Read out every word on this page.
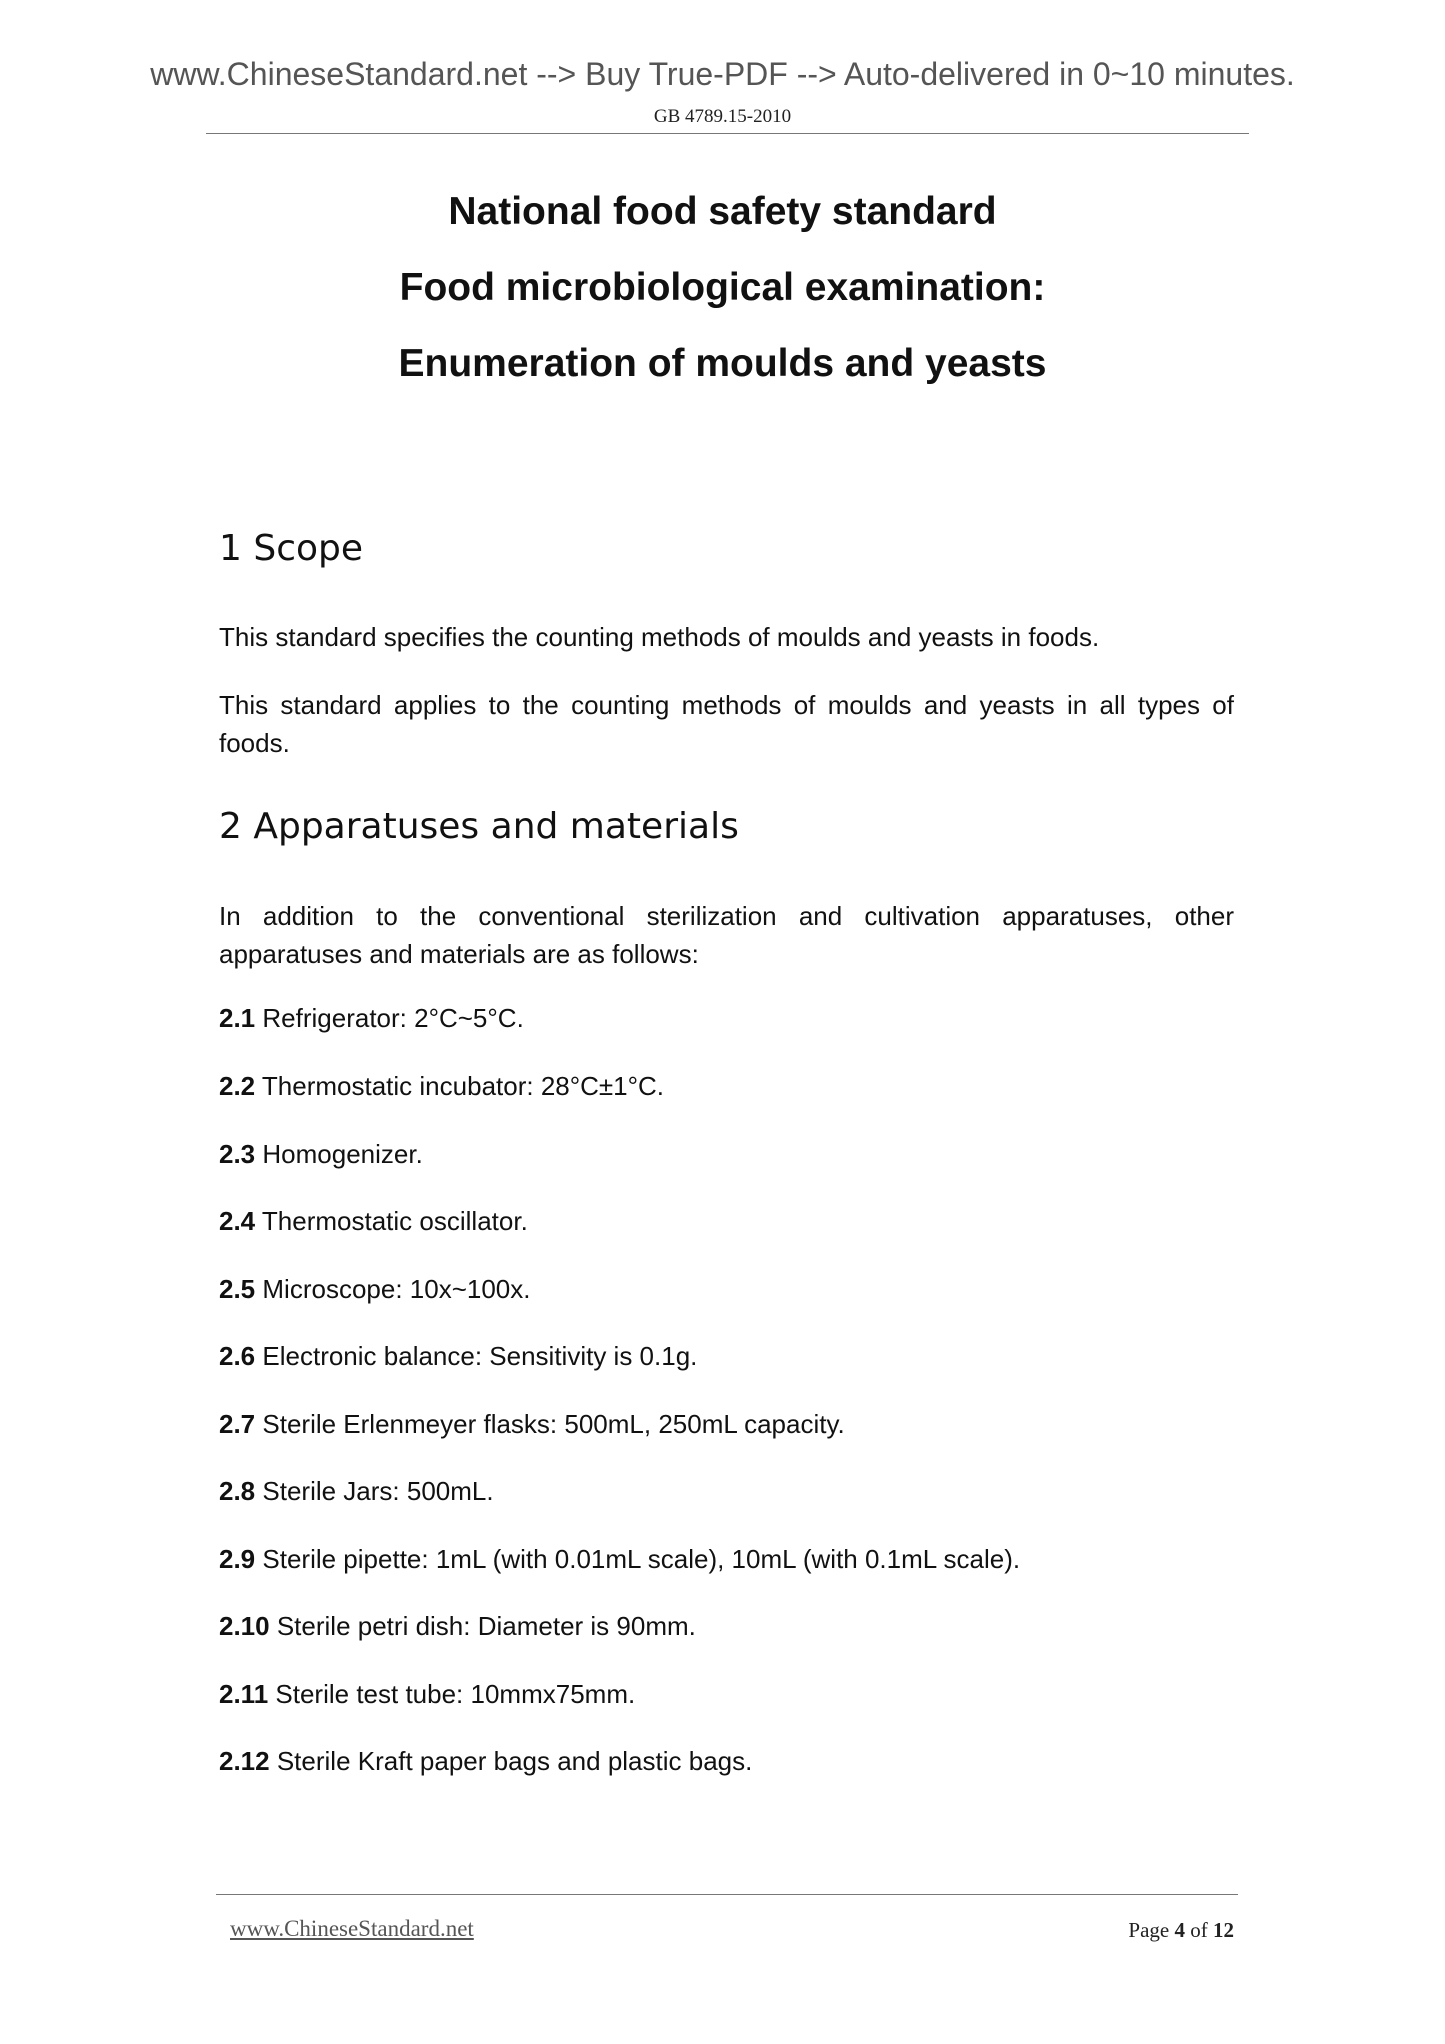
www.ChineseStandard.net --> Buy True-PDF --> Auto-delivered in 0~10 minutes.
GB 4789.15-2010
National food safety standard
Food microbiological examination:
Enumeration of moulds and yeasts
1 Scope
This standard specifies the counting methods of moulds and yeasts in foods.
This standard applies to the counting methods of moulds and yeasts in all types of foods.
2 Apparatuses and materials
In addition to the conventional sterilization and cultivation apparatuses, other apparatuses and materials are as follows:
2.1 Refrigerator: 2°C~5°C.
2.2 Thermostatic incubator: 28°C±1°C.
2.3 Homogenizer.
2.4 Thermostatic oscillator.
2.5 Microscope: 10x~100x.
2.6 Electronic balance: Sensitivity is 0.1g.
2.7 Sterile Erlenmeyer flasks: 500mL, 250mL capacity.
2.8 Sterile Jars: 500mL.
2.9 Sterile pipette: 1mL (with 0.01mL scale), 10mL (with 0.1mL scale).
2.10 Sterile petri dish: Diameter is 90mm.
2.11 Sterile test tube: 10mmx75mm.
2.12 Sterile Kraft paper bags and plastic bags.
www.ChineseStandard.net	Page 4 of 12
